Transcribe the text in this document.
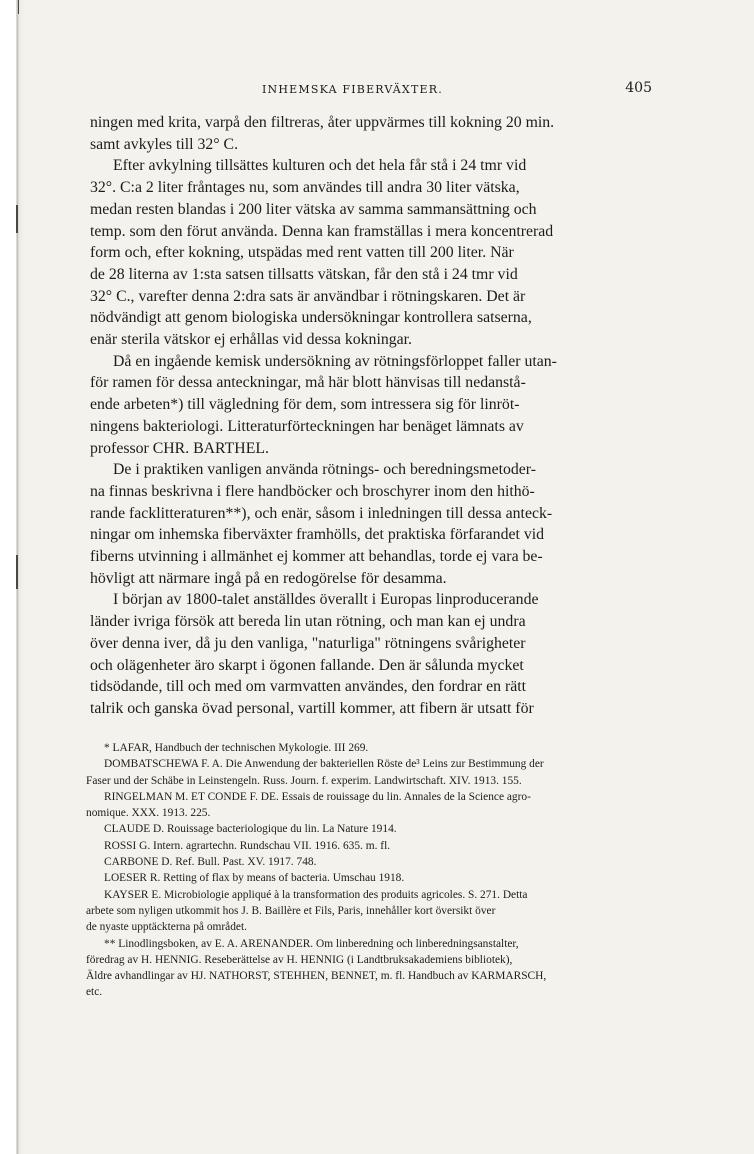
INHEMSKA FIBERVÄXTER.	405

ningen med krita, varpå den filtreras, åter uppvärmes till kokning 20 min.

samt avkyles till 32° C.

Efter avkylning tillsättes kulturen och det hela får stå i 24 tmr vid

32°. C:a 2 liter fråntages nu, som användes till andra 30 liter vätska,

medan resten blandas i 200 liter vätska av samma sammansättning och

temp. som den förut använda. Denna kan framställas i mera koncentrerad

form och, efter kokning, utspädas med rent vatten till 200 liter. När

de 28 literna av 1:sta satsen tillsatts vätskan, får den stå i 24 tmr vid

32° C., varefter denna 2:dra sats är användbar i rötningskaren. Det är

nödvändigt att genom biologiska undersökningar kontrollera satserna,

enär sterila vätskor ej erhållas vid dessa kokningar.

Då en ingående kemisk undersökning av rötningsförloppet faller utan-

för ramen för dessa anteckningar, må här blott hänvisas till nedanstå-

ende arbeten*) till vägledning för dem, som intressera sig för linröt-

ningens bakteriologi. Litteraturförteckningen har benäget lämnats av

professor CHR. BARTHEL.

De i praktiken vanligen använda rötnings- och beredningsmetoder-

na finnas beskrivna i flere handböcker och broschyrer inom den hithö-

rande facklitteraturen**), och enär, såsom i inledningen till dessa anteck-

ningar om inhemska fiberväxter framhölls, det praktiska förfarandet vid

fiberns utvinning i allmänhet ej kommer att behandlas, torde ej vara be-

hövligt att närmare ingå på en redogörelse för desamma.

I början av 1800-talet anställdes överallt i Europas linproducerande

länder ivriga försök att bereda lin utan rötning, och man kan ej undra

över denna iver, då ju den vanliga, "naturliga" rötningens svårigheter

och olägenheter äro skarpt i ögonen fallande. Den är sålunda mycket

tidsödande, till och med om varmvatten användes, den fordrar en rätt

talrik och ganska övad personal, vartill kommer, att fibern är utsatt för

* LAFAR, Handbuch der technischen Mykologie. III 269.

DOMBATSCHEWA F. A. Die Anwendung der bakteriellen Röste de³ Leins zur Bestimmung der

Faser und der Schäbe in Leinstengeln. Russ. Journ. f. experim. Landwirtschaft. XIV. 1913. 155.

RINGELMAN M. ET CONDE F. DE. Essais de rouissage du lin. Annales de la Science agro-

nomique. XXX. 1913. 225.

CLAUDE D. Rouissage bacteriologique du lin. La Nature 1914.

ROSSI G. Intern. agrartechn. Rundschau VII. 1916. 635. m. fl.

CARBONE D. Ref. Bull. Past. XV. 1917. 748.

LOESER R. Retting of flax by means of bacteria. Umschau 1918.

KAYSER E. Microbiologie appliqué à la transformation des produits agricoles. S. 271. Detta

arbete som nyligen utkommit hos J. B. Baillère et Fils, Paris, innehåller kort översikt över

de nyaste upptäckterna på området.

** Linodlingsboken, av E. A. ARENANDER. Om linberedning och linberedningsanstalter,

föredrag av H. HENNIG. Reseberättelse av H. HENNIG (i Landtbruksakademiens bibliotek),

Äldre avhandlingar av HJ. NATHORST, STEHHEN, BENNET, m. fl. Handbuch av KARMARSCH,

etc.
